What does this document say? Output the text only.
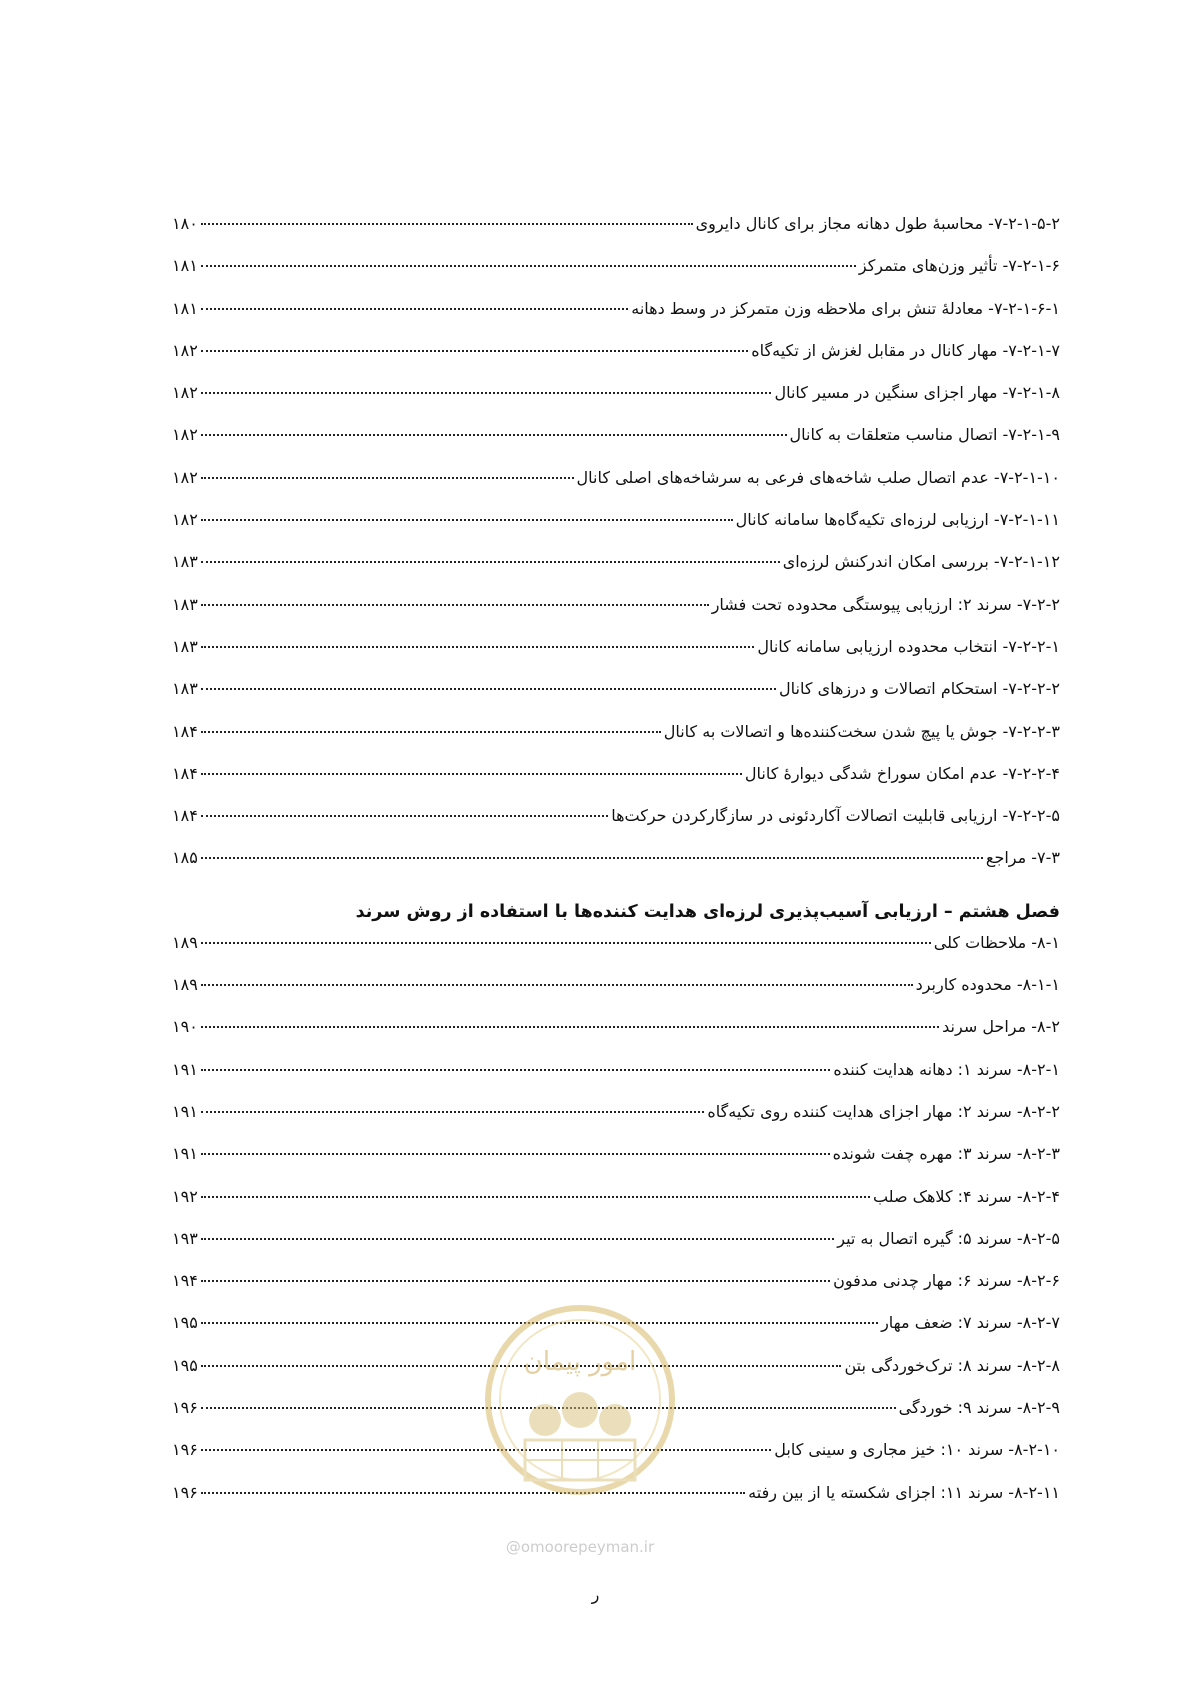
۷-۲-۱-۵-۲- محاسبۀ طول دهانه مجاز برای کانال دایروی
۱۸۰
۷-۲-۱-۶- تأثیر وزن‌های متمرکز
۱۸۱
۷-۲-۱-۶-۱- معادلۀ تنش برای ملاحظه وزن متمرکز در وسط دهانه
۱۸۱
۷-۲-۱-۷- مهار کانال در مقابل لغزش از تکیه‌گاه
۱۸۲
۷-۲-۱-۸- مهار اجزای سنگین در مسیر کانال
۱۸۲
۷-۲-۱-۹- اتصال مناسب متعلقات به کانال
۱۸۲
۷-۲-۱-۱۰- عدم اتصال صلب شاخه‌های فرعی به سرشاخه‌های اصلی کانال
۱۸۲
۷-۲-۱-۱۱- ارزیابی لرزه‌ای تکیه‌گاه‌ها سامانه کانال
۱۸۲
۷-۲-۱-۱۲- بررسی امکان اندرکنش لرزه‌ای
۱۸۳
۷-۲-۲- سرند ۲: ارزیابی پیوستگی محدوده تحت فشار
۱۸۳
۷-۲-۲-۱- انتخاب محدوده ارزیابی سامانه کانال
۱۸۳
۷-۲-۲-۲- استحکام اتصالات و درزهای کانال
۱۸۳
۷-۲-۲-۳- جوش یا پیچ شدن سخت‌کننده‌ها و اتصالات به کانال
۱۸۴
۷-۲-۲-۴- عدم امکان سوراخ شدگی دیوارۀ کانال
۱۸۴
۷-۲-۲-۵- ارزیابی قابلیت اتصالات آکاردئونی در سازگارکردن حرکت‌ها
۱۸۴
۷-۳- مراجع
۱۸۵
فصل هشتم – ارزیابی آسیب‌پذیری لرزه‌ای هدایت کننده‌ها با استفاده از روش سرند
۸-۱- ملاحظات کلی
۱۸۹
۸-۱-۱- محدوده کاربرد
۱۸۹
۸-۲- مراحل سرند
۱۹۰
۸-۲-۱- سرند ۱: دهانه هدایت کننده
۱۹۱
۸-۲-۲- سرند ۲: مهار اجزای هدایت کننده روی تکیه‌گاه
۱۹۱
۸-۲-۳- سرند ۳: مهره چفت شونده
۱۹۱
۸-۲-۴- سرند ۴: کلاهک صلب
۱۹۲
۸-۲-۵- سرند ۵: گیره اتصال به تیر
۱۹۳
۸-۲-۶- سرند ۶: مهار چدنی مدفون
۱۹۴
۸-۲-۷- سرند ۷: ضعف مهار
۱۹۵
۸-۲-۸- سرند ۸: ترک‌خوردگی بتن
۱۹۵
۸-۲-۹- سرند ۹: خوردگی
۱۹۶
۸-۲-۱۰- سرند ۱۰: خیز مجاری و سینی کابل
۱۹۶
۸-۲-۱۱- سرند ۱۱: اجزای شکسته یا از بین رفته
۱۹۶
امور پیمان
@omoorepeyman.ir
ر
